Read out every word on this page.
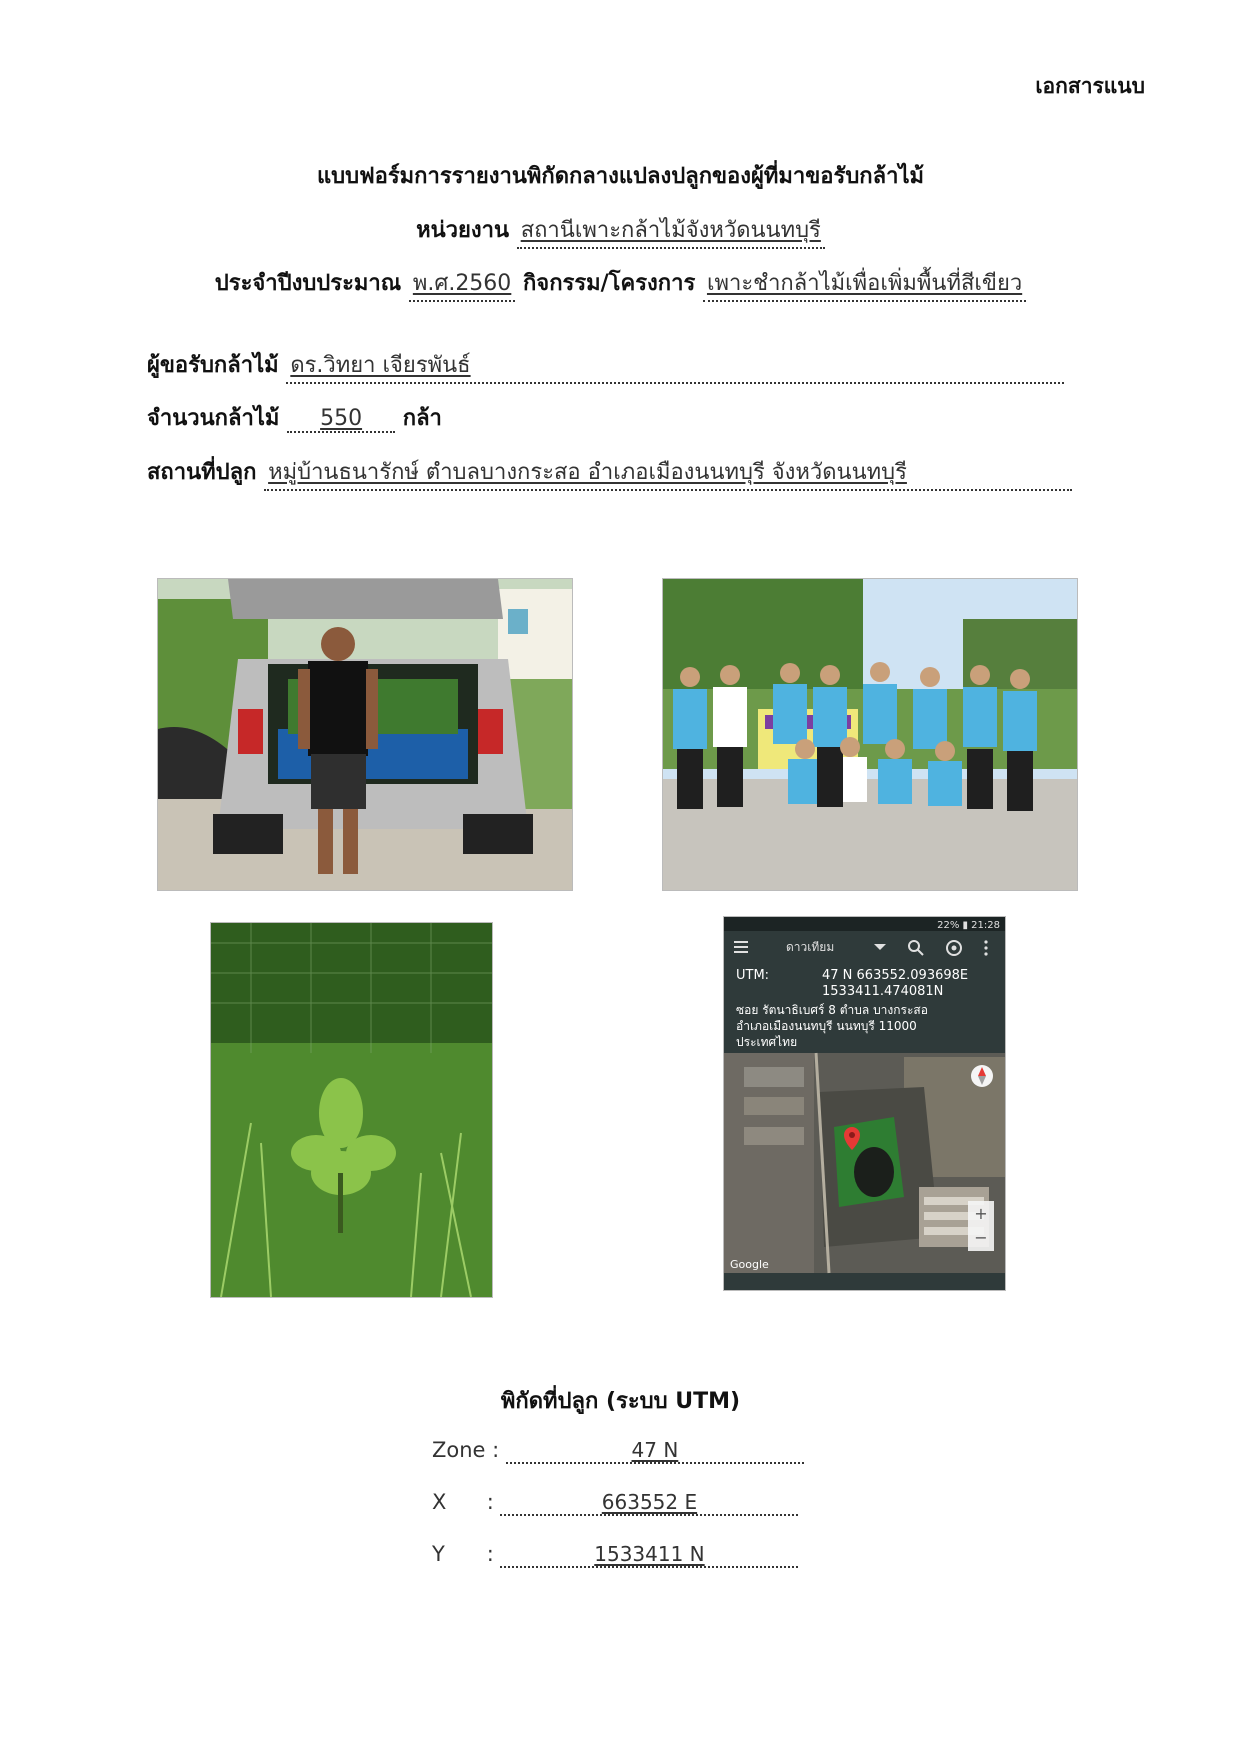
เอกสารแนบ
แบบฟอร์มการรายงานพิกัดกลางแปลงปลูกของผู้ที่มาขอรับกล้าไม้
หน่วยงาน สถานีเพาะกล้าไม้จังหวัดนนทบุรี
ประจำปีงบประมาณ พ.ศ.2560 กิจกรรม/โครงการ เพาะชำกล้าไม้เพื่อเพิ่มพื้นที่สีเขียว
ผู้ขอรับกล้าไม้ ดร.วิทยา เจียรพันธ์
จำนวนกล้าไม้ 550 กล้า
สถานที่ปลูก หมู่บ้านธนารักษ์ ตำบลบางกระสอ อำเภอเมืองนนทบุรี จังหวัดนนทบุรี
22% ▮ 21:28
ดาวเทียม
UTM:	47 N 663552.093698E
1533411.474081N
ซอย รัตนาธิเบศร์ 8 ตำบล บางกระสอ
อำเภอเมืองนนทบุรี นนทบุรี 11000
ประเทศไทย
+
−
Google
พิกัดที่ปลูก (ระบบ UTM)
Zone :	47 N
X :	663552 E
Y :	1533411 N
